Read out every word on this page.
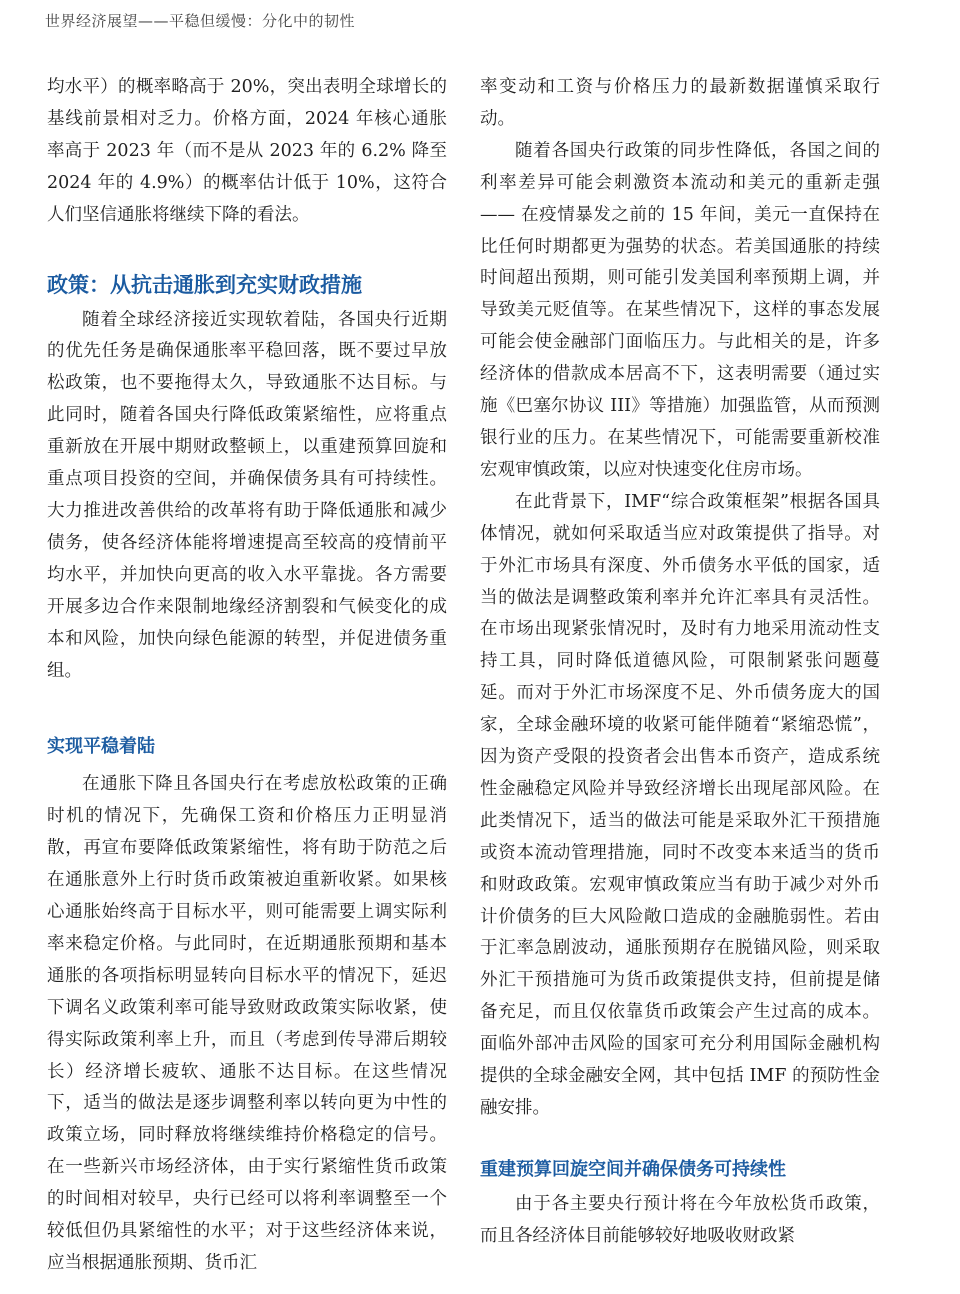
世界经济展望——平稳但缓慢：分化中的韧性

均水平）的概率略高于 20%，突出表明全球增长的基线前景相对乏力。价格方面，2024 年核心通胀率高于 2023 年（而不是从 2023 年的 6.2% 降至 2024 年的 4.9%）的概率估计低于 10%，这符合人们坚信通胀将继续下降的看法。

政策：从抗击通胀到充实财政措施

随着全球经济接近实现软着陆，各国央行近期的优先任务是确保通胀率平稳回落，既不要过早放松政策，也不要拖得太久，导致通胀不达目标。与此同时，随着各国央行降低政策紧缩性，应将重点重新放在开展中期财政整顿上，以重建预算回旋和重点项目投资的空间，并确保债务具有可持续性。大力推进改善供给的改革将有助于降低通胀和减少债务，使各经济体能将增速提高至较高的疫情前平均水平，并加快向更高的收入水平靠拢。各方需要开展多边合作来限制地缘经济割裂和气候变化的成本和风险，加快向绿色能源的转型，并促进债务重组。

实现平稳着陆

在通胀下降且各国央行在考虑放松政策的正确时机的情况下，先确保工资和价格压力正明显消散，再宣布要降低政策紧缩性，将有助于防范之后在通胀意外上行时货币政策被迫重新收紧。如果核心通胀始终高于目标水平，则可能需要上调实际利率来稳定价格。与此同时，在近期通胀预期和基本通胀的各项指标明显转向目标水平的情况下，延迟下调名义政策利率可能导致财政政策实际收紧，使得实际政策利率上升，而且（考虑到传导滞后期较长）经济增长疲软、通胀不达目标。在这些情况下，适当的做法是逐步调整利率以转向更为中性的政策立场，同时释放将继续维持价格稳定的信号。在一些新兴市场经济体，由于实行紧缩性货币政策的时间相对较早，央行已经可以将利率调整至一个较低但仍具紧缩性的水平；对于这些经济体来说，应当根据通胀预期、货币汇

率变动和工资与价格压力的最新数据谨慎采取行动。

随着各国央行政策的同步性降低，各国之间的利率差异可能会刺激资本流动和美元的重新走强 —— 在疫情暴发之前的 15 年间，美元一直保持在比任何时期都更为强势的状态。若美国通胀的持续时间超出预期，则可能引发美国利率预期上调，并导致美元贬值等。在某些情况下，这样的事态发展可能会使金融部门面临压力。与此相关的是，许多经济体的借款成本居高不下，这表明需要（通过实施《巴塞尔协议 III》等措施）加强监管，从而预测银行业的压力。在某些情况下，可能需要重新校准宏观审慎政策，以应对快速变化住房市场。

在此背景下，IMF“综合政策框架”根据各国具体情况，就如何采取适当应对政策提供了指导。对于外汇市场具有深度、外币债务水平低的国家，适当的做法是调整政策利率并允许汇率具有灵活性。在市场出现紧张情况时，及时有力地采用流动性支持工具，同时降低道德风险，可限制紧张问题蔓延。而对于外汇市场深度不足、外币债务庞大的国家，全球金融环境的收紧可能伴随着“紧缩恐慌”，因为资产受限的投资者会出售本币资产，造成系统性金融稳定风险并导致经济增长出现尾部风险。在此类情况下，适当的做法可能是采取外汇干预措施或资本流动管理措施，同时不改变本来适当的货币和财政政策。宏观审慎政策应当有助于减少对外币计价债务的巨大风险敞口造成的金融脆弱性。若由于汇率急剧波动，通胀预期存在脱锚风险，则采取外汇干预措施可为货币政策提供支持，但前提是储备充足，而且仅依靠货币政策会产生过高的成本。面临外部冲击风险的国家可充分利用国际金融机构提供的全球金融安全网，其中包括 IMF 的预防性金融安排。

重建预算回旋空间并确保债务可持续性

由于各主要央行预计将在今年放松货币政策，而且各经济体目前能够较好地吸收财政紧
